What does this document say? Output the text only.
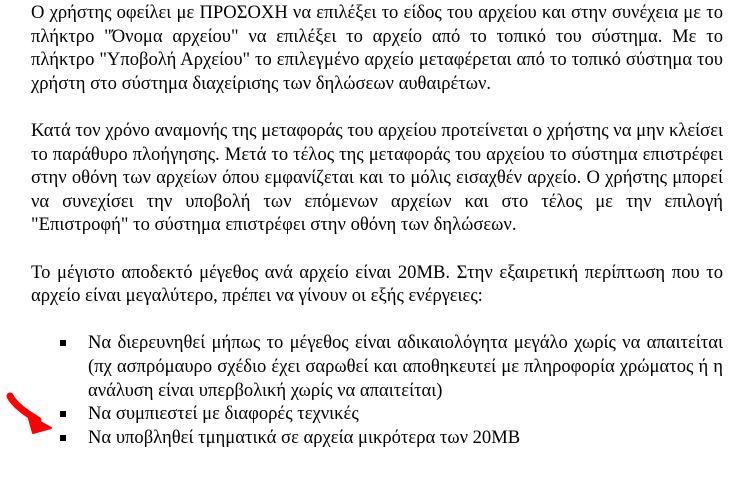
Ο χρήστης οφείλει με ΠΡΟΣΟΧΗ να επιλέξει το είδος του αρχείου και στην συνέχεια με το πλήκτρο "Όνομα αρχείου" να επιλέξει το αρχείο από το τοπικό του σύστημα. Με το πλήκτρο "Υποβολή Αρχείου" το επιλεγμένο αρχείο μεταφέρεται από το τοπικό σύστημα του χρήστη στο σύστημα διαχείρισης των δηλώσεων αυθαιρέτων.

Κατά τον χρόνο αναμονής της μεταφοράς του αρχείου προτείνεται ο χρήστης να μην κλείσει το παράθυρο πλοήγησης. Μετά το τέλος της μεταφοράς του αρχείου το σύστημα επιστρέφει στην οθόνη των αρχείων όπου εμφανίζεται και το μόλις εισαχθέν αρχείο. Ο χρήστης μπορεί να συνεχίσει την υποβολή των επόμενων αρχείων και στο τέλος με την επιλογή "Επιστροφή" το σύστημα επιστρέφει στην οθόνη των δηλώσεων.

Το μέγιστο αποδεκτό μέγεθος ανά αρχείο είναι 20MB. Στην εξαιρετική περίπτωση που το αρχείο είναι μεγαλύτερο, πρέπει να γίνουν οι εξής ενέργειες:

Να διερευνηθεί μήπως το μέγεθος είναι αδικαιολόγητα μεγάλο χωρίς να απαιτείται (πχ ασπρόμαυρο σχέδιο έχει σαρωθεί και αποθηκευτεί με πληροφορία χρώματος ή η ανάλυση είναι υπερβολική χωρίς να απαιτείται)
Να συμπιεστεί με διαφορές τεχνικές
Να υποβληθεί τμηματικά σε αρχεία μικρότερα των 20MB
